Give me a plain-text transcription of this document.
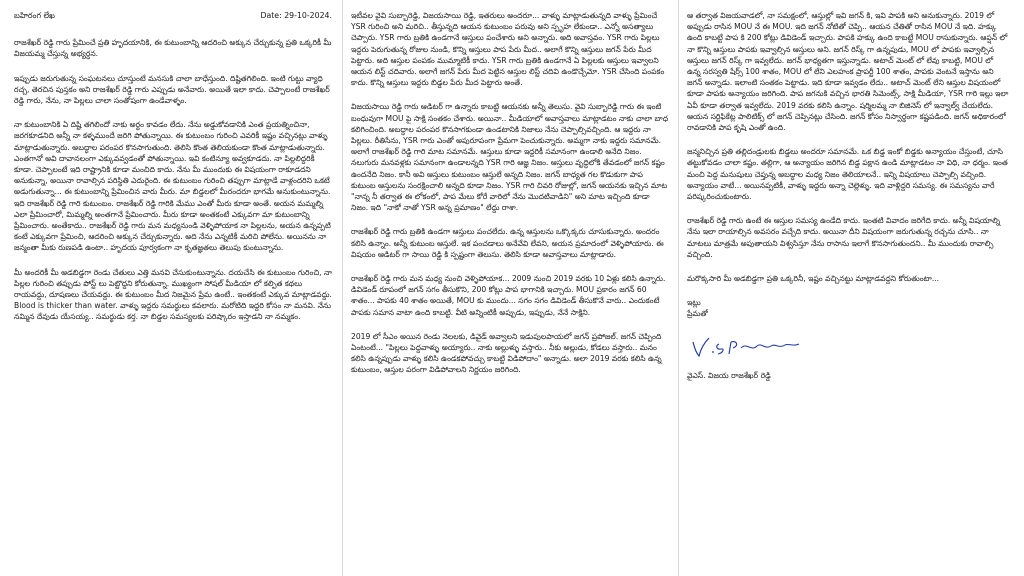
బహిరంగ లేఖ	Date: 29-10-2024.

రాజశేఖర్ రెడ్డి గారు ప్రేమించే ప్రతి హృదయానికి, ఈ కుటుంబాన్ని ఆదరించి అక్కున చేర్చుకున్న ప్రతి ఒక్కరికీ మీ విజయమ్మ చేస్తున్న అభ్యర్ధన.

ఇప్పుడు జరుగుతున్న సంఘటనలు చూస్తుంటే మనసుకి చాలా బాధేస్తుంది. దిష్టితగిలింది. ఇంటి గుట్టు వ్యాధి రచ్చ, తెరచిన పుస్తకం అని రాజశేఖర్ రెడ్డి గారు ఎప్పుడు అనేవారు. అయితే ఇలా కాదు. చెప్పాలంటే రాజశేఖర్ రెడ్డి గారు, నేను, నా పిల్లలు చాలా సంతోషంగా ఉండేవాళ్ళం.

నా కుటుంబానికి ఏ దిష్టి తగిలిందో నాకు అర్థం కావడం లేదు. నేను అడ్డుకోవడానికి ఎంత ప్రయత్నించినా, జరగకూడనిది అన్నీ నా కళ్ళముందే జరిగి పోతున్నాయి. ఈ కుటుంబం గురించి ఎవరికీ ఇష్టం వచ్చినట్లు వాళ్ళు మాట్లాడుతున్నారు. అబద్ధాల పరంపర కొనసాగుతుంది. తెలిసి కొంత తెలియకుండా కొంత మాట్లాడుతున్నారు. ఎంతగానో అవి దావానలంగా ఎక్కువవ్వడంతో పోతున్నాయి. ఇవి కంటిన్యూ అవ్వకూడదు. నా పిల్లలిద్దరికీ కూడా. చెప్పాలంటే ఇది రాష్ట్రానికి కూడా మంచిది కాదు. నేను మీ ముందుకు ఈ విషయంగా రాకూడదని అనుకున్నా, అయినా రావాల్సిన పరిస్థితి ఎదురైంది. ఈ కుటుంబం గురించి తప్పుగా మాట్లాడే వాళ్లందరిని ఒకటే అడుగుతున్నా... ఈ కుటుంబాన్ని ప్రేమించిన వారు మీరు. మా బిడ్డలలో మీరందరూ భాగమే అనుకుంటున్నాను. ఇది రాజశేఖర్ రెడ్డి గారి కుటుంబం. రాజశేఖర్ రెడ్డి గారికి మేము ఎంతో మీరు కూడా అంతే. అయన మమ్మల్ని ఎలా ప్రేమించారో, మిమ్మల్ని అంతగానే ప్రేమించారు. మీరు కూడా అంతకంటే ఎక్కువగా మా కుటుంబాన్ని ప్రేమించారు. అంతేకాదు.. రాజశేఖర్ రెడ్డి గారు మన మధ్యనుండి వెళ్ళిపోయాక నా పిల్లలను, అయన ఉన్నప్పటి కంటే ఎక్కువగా ప్రేమించి, ఆదరించి అక్కున చేర్చుకున్నారు. అది నేను ఎన్నటికీ మరిచి పోలేను. అయినను నా జన్మంతా మీకు రుణపడి ఉంటా.. హృదయ పూర్వకంగా నా కృతజ్ఞతలు తెలుపు కుంటున్నాను.

మీ అందరికీ మీ అడబిడ్డగా రెండు చేతులు ఎత్తి మనవి చేసుకుంటున్నాను. దయచేసి ఈ కుటుంబం గురించి, నా పిల్లల గురించి తప్పుడు పోస్ట్ లు పెట్టొద్దని కోరుతున్నా. ముఖ్యంగా సోషల్ మీడియా లో కల్పిత కథలు రాయవద్దు, దూషణలు చేయవద్దు. ఈ కుటుంబం మీద నిజమైన ప్రేమ ఉంటే.. ఇంతకంటే ఎక్కువ మాట్లాడవద్దు. Blood is thicker than water. వాళ్ళు ఇద్దరు సమర్థులు కవలారు. మరోటిది ఇద్దరి కోసం నా మనవి. నేను నమ్మిన దేవుడు యేసయ్య.. సమర్థుడు కర్త. నా బిడ్డల సమస్యలకు పరిష్కారం ఇస్తాడని నా నమ్మకం.

ఇటీవల వైవి సుబ్బారెడ్డి, విజయసాయి రెడ్డి, ఇతరులు అందరూ... వాళ్ళు మాట్లాడుతున్నది వాళ్ళు ప్రేమించే YSR గురించి అని మరిచి.. తీస్తున్నది ఆయన కుటుంబం పరువు అని స్పృహ లేకుండా.. ఎన్నో అసత్యాలు చెప్పారు. YSR గారు బ్రతికి ఉండగానే ఆస్తులు పంచేశారు అని అన్నారు. అది అవాస్తవం. YSR గారు పిల్లలు ఇద్దరు పెరుగుతున్న రోజుల నుండి, కొన్ని ఆస్తులు పాప పేరు మీద.. అలాగే కొన్ని ఆస్తులు జగన్ పేరు మీద పెట్టారు. అది ఆస్తుల పంపకం ముమ్మాటికీ కాదు. YSR గారు బ్రతికి ఉండగానే ఏ పిల్లలకు ఆస్తులు ఇవ్వాలని ఆయన లిస్ట్ చదివారు. అలాగే జగన్ పేరు మీద పెట్టిన ఆస్తుల లిస్ట్ చదివి ఉండొచ్చేమో. YSR చేసింది పంపకం కాదు. కొన్ని ఆస్తులు ఇద్దరు బిడ్డల పేరు మీద పెట్టారు అంతే.

విజయసాయి రెడ్డి గారు ఆడిటర్ గా ఉన్నారు కాబట్టి ఆయనకు అన్నీ తెలుసు. వైవి సుబ్బారెడ్డి గారు ఈ ఇంటి బంధువుగా MOU పై సాక్షి సంతకం చేశారు. అయినా.. మీడియాలో అవాస్తవాలు మాట్లాడటం నాకు చాలా బాధ కలిగించింది. అబద్ధాల పరంపర కొనసాగకుండా ఉండటానికి నిజాలు నేను చెప్పాల్సివచ్చింది. ఆ ఇద్దరు నా పిల్లలు. రీతిసేను, YSR గారు ఎంతో అపురూపంగా ప్రేమగా పెంచుకున్నారు. అమ్మగా నాకు ఇద్దరు సమానమే. అలాగే రాజశేఖర్ రెడ్డి గారి మాట సమానమే. ఆస్తులు కూడా ఇద్దరికీ సమానంగా ఉండాలి అనేది నిజం. నలుగురు మనవళ్లకు సమానంగా ఉండాలన్నది YSR గారి ఆజ్ఞ నిజం. ఆస్తులు వృద్ధిలోకి తేవడంలో జగన్ కష్టం ఉందనేది నిజం. కానీ అవి ఆస్తులు కుటుంబం ఆస్తులే అన్నది నిజం. జగన్ బాధ్యత గల కొడుకుగా పాప కుటుంబ ఆస్తులను సంరక్షించాలి అన్నది కూడా నిజం. YSR గారి చివరి రోజుల్లో, జగన్ ఆయనకు ఇచ్చిన మాట "నాన్న నీ తర్వాత ఈ లోకంలో, పాప మేలు కోరే వారిలో నేను మొదటివాడిని" అని మాట ఇచ్చింది కూడా నిజం. ఇది "నాకో నాతో YSR అన్న ప్రమాణం" లేద్దు రాశా.

రాజశేఖర్ రెడ్డి గారు బ్రతికి ఉండగా ఆస్తులు పంచలేదు. ఉన్న ఆస్తులను ఒక్కొక్కరు చూసుకున్నారు. అందరం కలిసి ఉన్నాం. అన్నీ కుటుంబ ఆస్తులే. ఇక పంచడాలు అనేవేవి లేవని, అయన ప్రమాదంలో వెళ్ళిపోయారు. ఈ విషయం ఆడిటర్ గా సాయి రెడ్డి కి స్పష్టంగా తెలుసు. తెలిసి కూడా అవాస్తవాలు మాట్లాడారు.

రాజశేఖర్ రెడ్డి గారు మన మధ్య నుంచి వెళ్ళిపోయాక... 2009 నుంచి 2019 వరకు 10 ఏళ్లు కలిసి ఉన్నారు. డివిడెండ్ రూపంలో జగన్ సగం తీసుకొని, 200 కోట్లు పాప భాగానికి ఇచ్చారు. MOU ప్రకారం జగన్ 60 శాతం... పాపకు 40 శాతం అయితే, MOU కు ముందు... సగం సగం డివిడెండ్ తీసుకొనే వారు.. ఎందుకంటే పాపకు సమాన వాటా ఉంది కాబట్టి. వీటి అన్నింటికీ అప్పుడు, ఇప్పుడు, నేనే సాక్షిని.

2019 లో సీఎం అయిన రెండు నెలలకు, డివైడ్ అవ్వాలని ఇడుపులపాయలో జగన్ ప్రపోజల్. జగన్ చెప్పింది ఏంటంటే... "పిల్లలు పెద్దవాళ్ళు అయ్యారు.. నాకు అల్లుళ్ళు వస్తారు.. నీకు అల్లుడు, కోడలు వస్తారు.. మనం కలిసి ఉన్నప్పుడు వాళ్ళు కలిసి ఉండకపోవచ్చు కాబట్టి విడిపోదాం" అన్నాడు. అలా 2019 వరకు కలిసి ఉన్న కుటుంబం, ఆస్తుల పరంగా విడిపోవాలని నిర్ణయం జరిగింది.

ఆ తర్వాత విజయవాడలో, నా సమక్షంలో, ఆస్తుల్లో ఇవి జగన్ కి, ఇవి పాపకి అని అనుకున్నారు. 2019 లో అప్పుడు రాసిన MOU నే ఈ MOU. ఇది జగన్ నోటితో చెప్పి.. ఆయన చేతితో రాసిన MOU నే ఇది. హక్కు ఉంది కాబట్టే పాప కి 200 కోట్లు డివిడెండ్ ఇచ్చారు. పాపకి హక్కు ఉంది కాబట్టే MOU రాసుకున్నారు. ఆప్షన్ లో నా కొన్ని ఆస్తులు పాపకు ఇవ్వాల్సిన ఆస్తులు అని. జగన్ రిస్క్ గా ఉన్నపుడు, MOU లో పాపకు ఇవ్వాల్సిన ఆస్తులు జగన్ రిస్క్ గా ఇవ్వలేదు. జగన్ భాధ్యతగా ఇస్తున్నాడు. అటాచ్ మెంట్ లో లేవు కాబట్టి, MOU లో ఉన్న సరస్వతి షేర్స్ 100 శాతం, MOU లో లేని ఎలహంక ప్రాపర్టీ 100 శాతం, పాపకు వెంటనే ఇస్తాను అని జగన్ అన్నాడు. ఇలాంటి సంతకం పెట్టాడు. ఇది కూడా ఇవ్వడం లేదు.. అటాచ్ మెంట్ లేని ఆస్తుల విషయంలో కూడా పాపకు అన్యాయం జరిగింది. పాప జగనుకి వచ్చిన భారతి సిమెంట్స్, సాక్షి మీడియా, YSR గారి ఇల్లు ఇలా ఏవీ కూడా తర్వాత ఇవ్వలేదు. 2019 వరకు కలిసి ఉన్నాం. షర్మిలమ్మ నా బిజినెస్ లో ఇన్వాల్వ్ చేయలేదు. ఆయన సర్టిఫికేట్ల పాలిటిక్స్ లో జగన్ చెప్పినట్లు చేసింది. జగన్ కోసం నిస్వార్థంగా కష్టపడింది. జగన్ అధికారంలో రావడానికి పాప కృషి ఎంతో ఉంది.

జన్మనిచ్చిన ప్రతి తల్లిదండ్రులకు బిడ్డలు అందరూ సమానమే. ఒక బిడ్డ ఇంకో బిడ్డకు అన్యాయం చేస్తుంటే, చూసి తట్టుకోవడం చాలా కష్టం. తల్లిగా, ఆ అన్యాయం జరిగిన బిడ్డ పక్షాన ఉండి మాట్లాడటం నా విధి, నా ధర్మం. ఇంత మంచి పెద్ద మనుషులు చెప్తున్న అబద్ధాల మధ్య నిజం తెలియాలనే.. ఇన్ని విషయాలు చెప్పాల్సి వచ్చింది. అన్యాయం వాటే... అయినప్పటికీ, వాళ్ళు ఇద్దరు అన్నా చెల్లెళ్ళు. ఇది వాళ్లిద్దరి సమస్య. ఈ సమస్యను వారే పరిష్కరించుకుంటారు.

రాజశేఖర్ రెడ్డి గారు ఉంటే ఈ ఆస్తుల సమస్య ఉండేది కాదు. ఇంతటి వివాదం జరిగేది కాదు. అన్నీ విషయాల్ని నేను ఇలా రాయాల్సిన అవసరం వచ్చేది కాదు. అయినా దీని విషయంగా జరుగుతున్న రచ్చను చూసి.. నా మాటలు మాత్రమే అపుతాయని విశ్వసిస్తూ నేను రాసాను ఇలాగే కొనసాగుతుందని.. మీ ముందుకు రావాల్సి వచ్చింది.

మరొక్కసారి మీ అడబిడ్డగా ప్రతి ఒక్కరినీ, ఇష్టం వచ్చినట్టు మాట్లాడవద్దని కోరుతుంటా...

ఇట్లు
ప్రేమతో

వైఎస్. విజయ రాజశేఖర్ రెడ్డి
